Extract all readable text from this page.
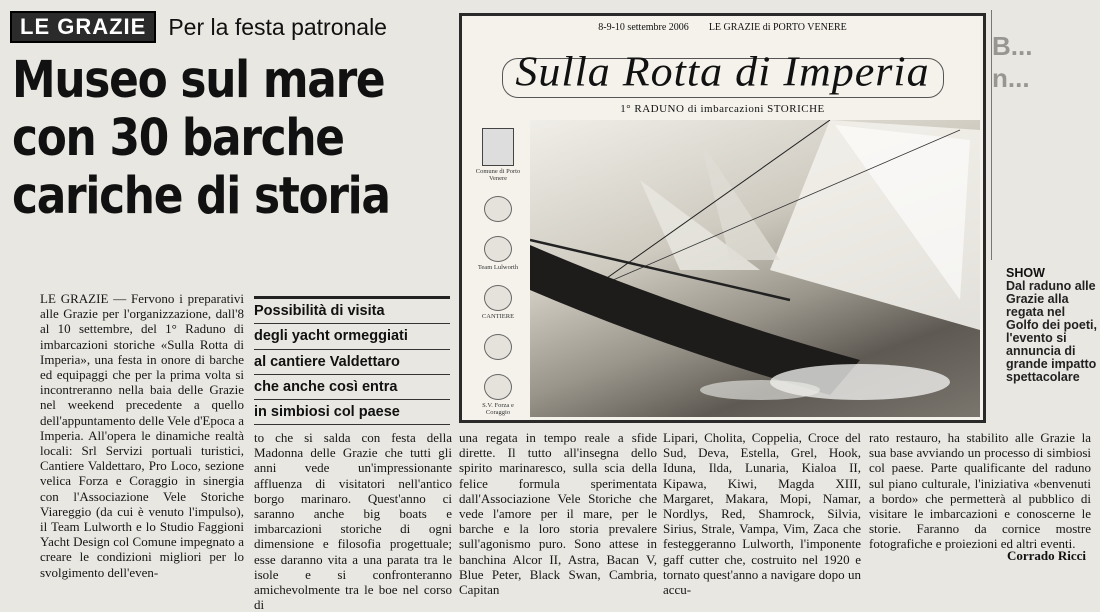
B...
n...
LE GRAZIE Per la festa patronale
Museo sul mare
con 30 barche
cariche di storia
LE GRAZIE — Fervono i preparativi alle Grazie per l'organizzazione, dall'8 al 10 settembre, del 1° Raduno di imbarcazioni storiche «Sulla Rotta di Imperia», una festa in onore di barche ed equipaggi che per la prima volta si incontreranno nella baia delle Grazie nel weekend precedente a quello dell'appuntamento delle Vele d'Epoca a Imperia. All'opera le dinamiche realtà locali: Srl Servizi portuali turistici, Cantiere Valdettaro, Pro Loco, sezione velica Forza e Coraggio in sinergia con l'Associazione Vele Storiche Viareggio (da cui è venuto l'impulso), il Team Lulworth e lo Studio Faggioni Yacht Design col Comune impegnato a creare le condizioni migliori per lo svolgimento dell'even-
Possibilità di visita
degli yacht ormeggiati
al cantiere Valdettaro
che anche così entra
in simbiosi col paese
8-9-10 settembre 2006 LE GRAZIE di PORTO VENERE
Sulla Rotta di Imperia
1° RADUNO di imbarcazioni STORICHE
Comune di Porto Venere
Team Lulworth
CANTIERE
S.V. Forza e Coraggio
SHOW
Dal raduno alle Grazie alla regata nel Golfo dei poeti, l'evento si annuncia di grande impatto spettacolare
to che si salda con festa della Madonna delle Grazie che tutti gli anni vede un'impressionante affluenza di visitatori nell'antico borgo marinaro. Quest'anno ci saranno anche big boats e imbarcazioni storiche di ogni dimensione e filosofia progettuale; esse daranno vita a una parata tra le isole e si confronteranno amichevolmente tra le boe nel corso di
una regata in tempo reale a sfide dirette. Il tutto all'insegna dello spirito marinaresco, sulla scia della felice formula sperimentata dall'Associazione Vele Storiche che vede l'amore per il mare, per le barche e la loro storia prevalere sull'agonismo puro. Sono attese in banchina Alcor II, Astra, Bacan V, Blue Peter, Black Swan, Cambria, Capitan
Lipari, Cholita, Coppelia, Croce del Sud, Deva, Estella, Grel, Hook, Iduna, Ilda, Lunaria, Kialoa II, Kipawa, Kiwi, Magda XIII, Margaret, Makara, Mopi, Namar, Nordlys, Red, Shamrock, Silvia, Sirius, Strale, Vampa, Vim, Zaca che festeggeranno Lulworth, l'imponente gaff cutter che, costruito nel 1920 e tornato quest'anno a navigare dopo un accu-
rato restauro, ha stabilito alle Grazie la sua base avviando un processo di simbiosi col paese. Parte qualificante del raduno sul piano culturale, l'iniziativa «benvenuti a bordo» che permetterà al pubblico di visitare le imbarcazioni e conoscerne le storie. Faranno da cornice mostre fotografiche e proiezioni ed altri eventi.
Corrado Ricci
